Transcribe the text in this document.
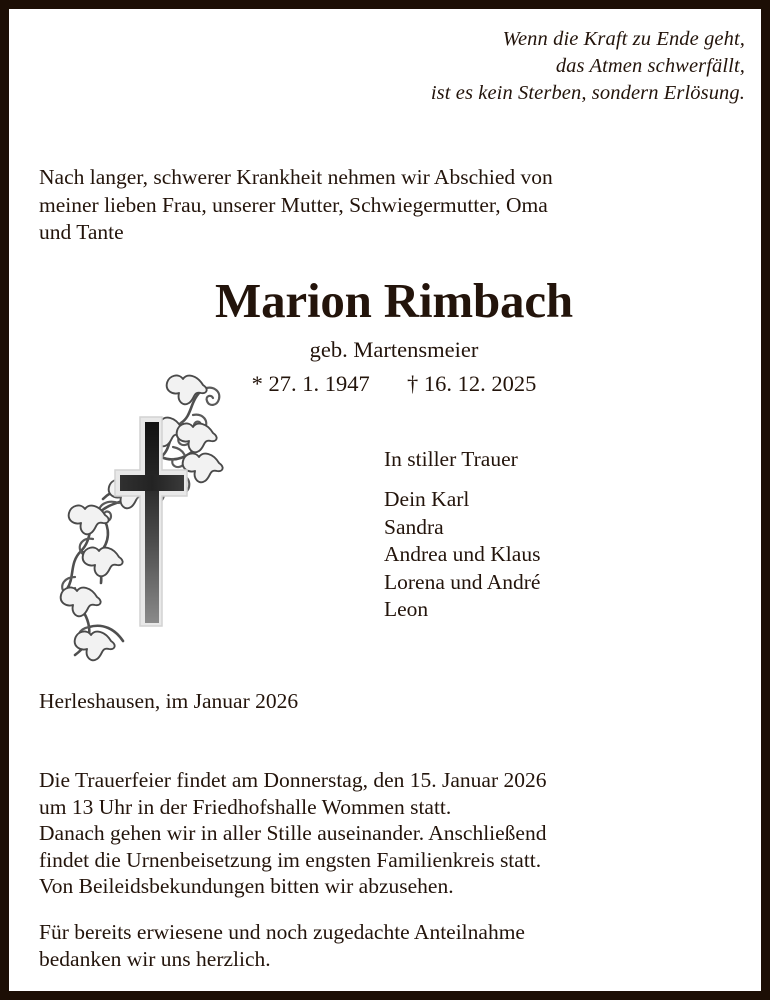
Wenn die Kraft zu Ende geht,
das Atmen schwerfällt,
ist es kein Sterben, sondern Erlösung.
Nach langer, schwerer Krankheit nehmen wir Abschied von
meiner lieben Frau, unserer Mutter, Schwiegermutter, Oma
und Tante
Marion Rimbach
geb. Martensmeier
* 27. 1. 1947 † 16. 12. 2025
In stiller Trauer
Dein Karl
Sandra
Andrea und Klaus
Lorena und André
Leon
Herleshausen, im Januar 2026
Die Trauerfeier findet am Donnerstag, den 15. Januar 2026
um 13 Uhr in der Friedhofshalle Wommen statt.
Danach gehen wir in aller Stille auseinander. Anschließend
findet die Urnenbeisetzung im engsten Familienkreis statt.
Von Beileidsbekundungen bitten wir abzusehen.
Für bereits erwiesene und noch zugedachte Anteilnahme
bedanken wir uns herzlich.
